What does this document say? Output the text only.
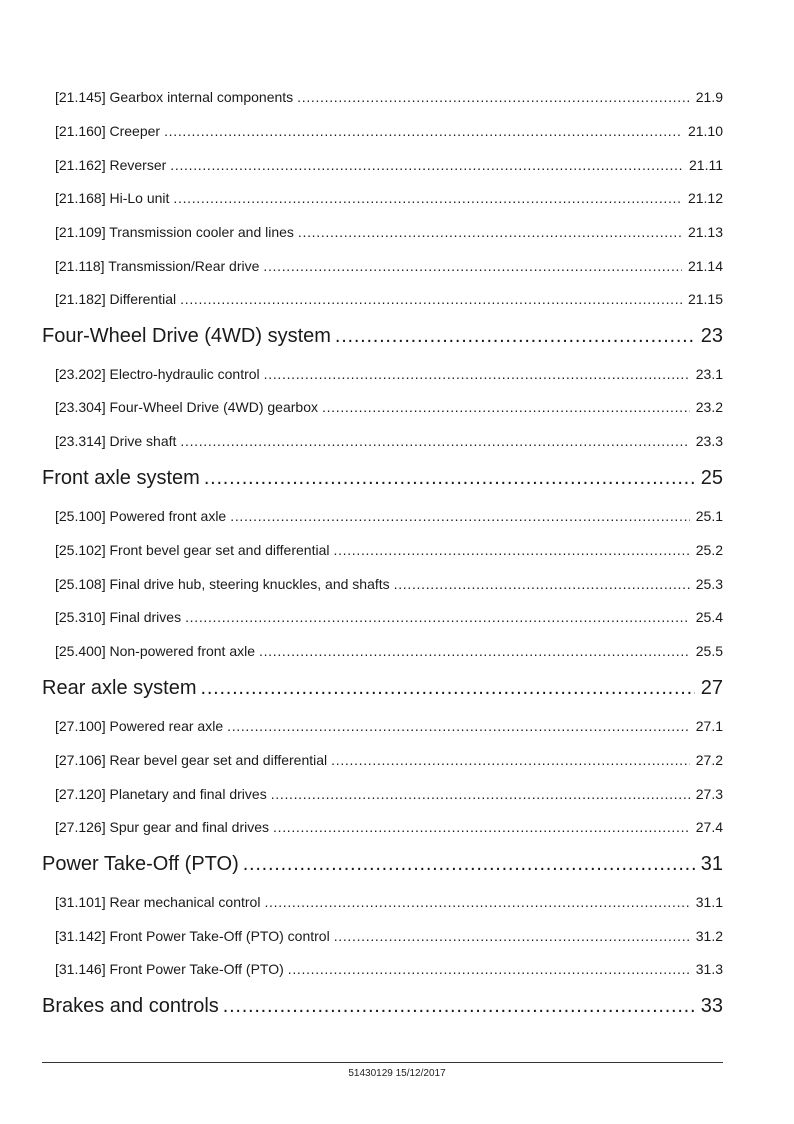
[21.145] Gearbox internal components . . .	21.9
[21.160] Creeper . . .	21.10
[21.162] Reverser . . .	21.11
[21.168] Hi-Lo unit . . .	21.12
[21.109] Transmission cooler and lines . . .	21.13
[21.118] Transmission/Rear drive . . .	21.14
[21.182] Differential . . .	21.15
Four-Wheel Drive (4WD) system . . .	23
[23.202] Electro-hydraulic control . . .	23.1
[23.304] Four-Wheel Drive (4WD) gearbox . . .	23.2
[23.314] Drive shaft . . .	23.3
Front axle system . . .	25
[25.100] Powered front axle . . .	25.1
[25.102] Front bevel gear set and differential . . .	25.2
[25.108] Final drive hub, steering knuckles, and shafts . . .	25.3
[25.310] Final drives . . .	25.4
[25.400] Non-powered front axle . . .	25.5
Rear axle system . . .	27
[27.100] Powered rear axle . . .	27.1
[27.106] Rear bevel gear set and differential . . .	27.2
[27.120] Planetary and final drives . . .	27.3
[27.126] Spur gear and final drives . . .	27.4
Power Take-Off (PTO) . . .	31
[31.101] Rear mechanical control . . .	31.1
[31.142] Front Power Take-Off (PTO) control . . .	31.2
[31.146] Front Power Take-Off (PTO) . . .	31.3
Brakes and controls . . .	33
51430129 15/12/2017
